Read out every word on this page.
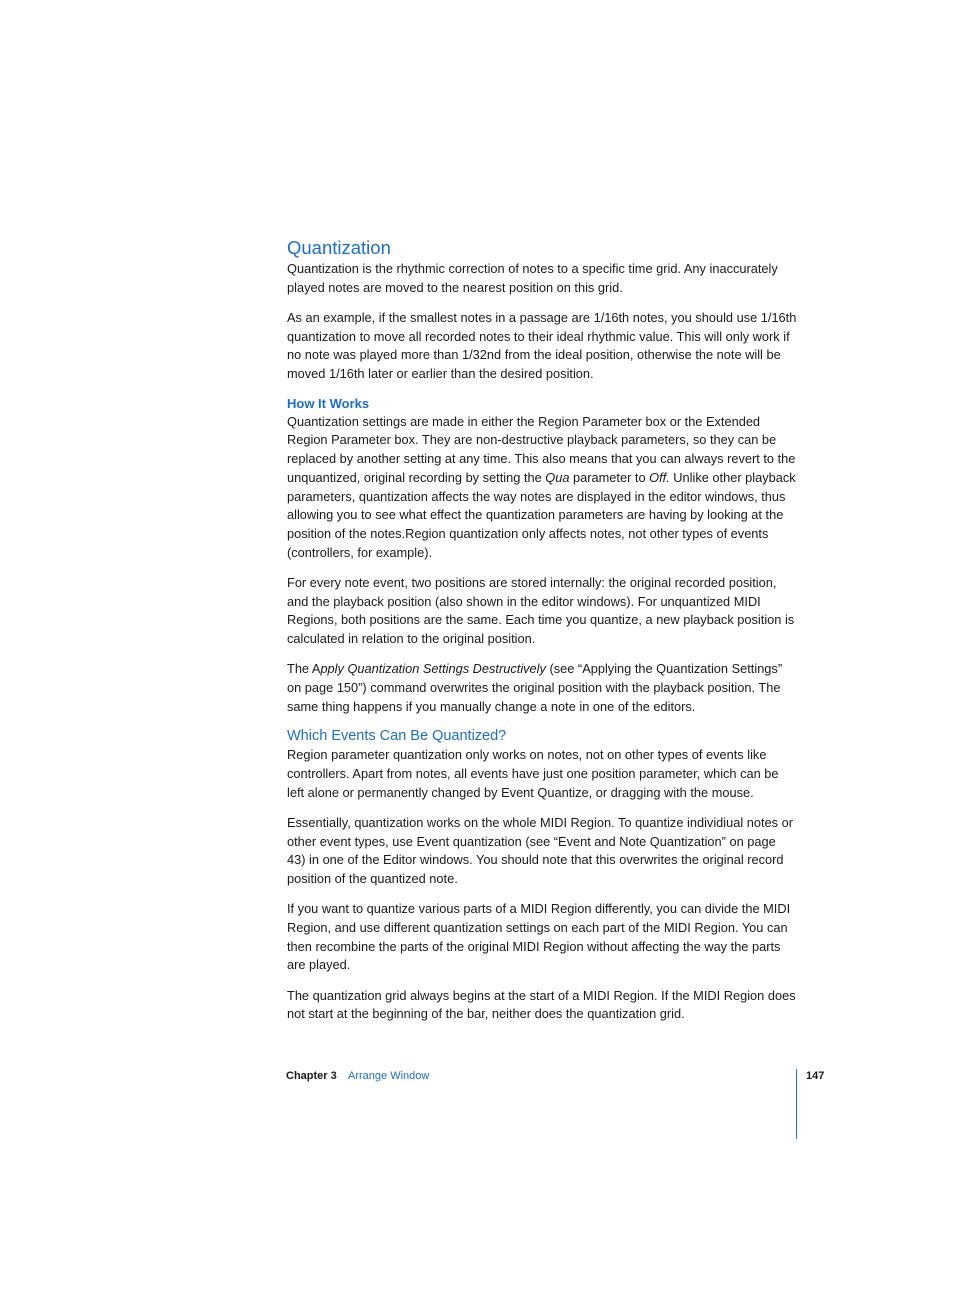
Quantization

Quantization is the rhythmic correction of notes to a specific time grid. Any inaccurately played notes are moved to the nearest position on this grid.

As an example, if the smallest notes in a passage are 1/16th notes, you should use 1/16th quantization to move all recorded notes to their ideal rhythmic value. This will only work if no note was played more than 1/32nd from the ideal position, otherwise the note will be moved 1/16th later or earlier than the desired position.

How It Works

Quantization settings are made in either the Region Parameter box or the Extended Region Parameter box. They are non-destructive playback parameters, so they can be replaced by another setting at any time. This also means that you can always revert to the unquantized, original recording by setting the Qua parameter to Off. Unlike other playback parameters, quantization affects the way notes are displayed in the editor windows, thus allowing you to see what effect the quantization parameters are having by looking at the position of the notes.Region quantization only affects notes, not other types of events (controllers, for example).

For every note event, two positions are stored internally: the original recorded position, and the playback position (also shown in the editor windows). For unquantized MIDI Regions, both positions are the same. Each time you quantize, a new playback position is calculated in relation to the original position.

The Apply Quantization Settings Destructively (see “Applying the Quantization Settings” on page 150”) command overwrites the original position with the playback position. The same thing happens if you manually change a note in one of the editors.

Which Events Can Be Quantized?

Region parameter quantization only works on notes, not on other types of events like controllers. Apart from notes, all events have just one position parameter, which can be left alone or permanently changed by Event Quantize, or dragging with the mouse.

Essentially, quantization works on the whole MIDI Region. To quantize individiual notes or other event types, use Event quantization (see “Event and Note Quantization” on page 43) in one of the Editor windows. You should note that this overwrites the original record position of the quantized note.

If you want to quantize various parts of a MIDI Region differently, you can divide the MIDI Region, and use different quantization settings on each part of the MIDI Region. You can then recombine the parts of the original MIDI Region without affecting the way the parts are played.

The quantization grid always begins at the start of a MIDI Region. If the MIDI Region does not start at the beginning of the bar, neither does the quantization grid.

Chapter 3 Arrange Window	147
